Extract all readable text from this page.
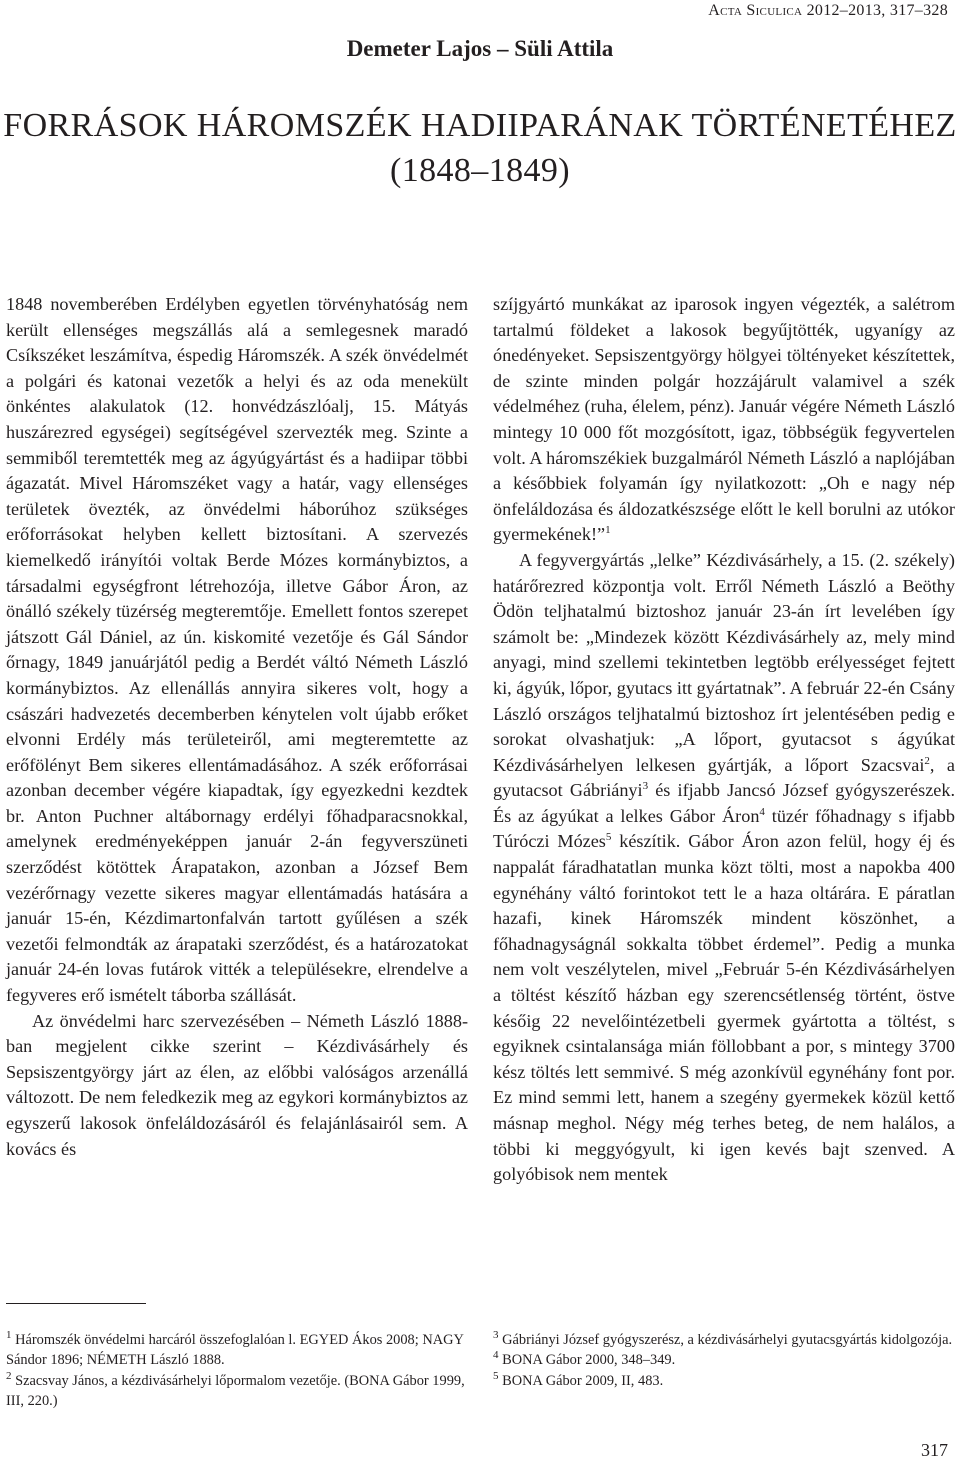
Acta Siculica 2012–2013, 317–328
Demeter Lajos – Süli Attila
FORRÁSOK HÁROMSZÉK HADIIPARÁNAK TÖRTÉNETÉHEZ
(1848–1849)

1848 novemberében Erdélyben egyetlen törvényhatóság nem került ellenséges megszállás alá a semlegesnek maradó Csíkszéket leszámítva, éspedig Háromszék. A szék önvédelmét a polgári és katonai vezetők a helyi és az oda menekült önkéntes alakulatok (12. honvédzászlóalj, 15. Mátyás huszárezred egységei) segítségével szervezték meg. Szinte a semmiből teremtették meg az ágyúgyártást és a hadiipar többi ágazatát. Mivel Háromszéket vagy a határ, vagy ellenséges területek övezték, az önvédelmi háborúhoz szükséges erőforrásokat helyben kellett biztosítani. A szervezés kiemelkedő irányítói voltak Berde Mózes kormánybiztos, a társadalmi egységfront létrehozója, illetve Gábor Áron, az önálló székely tüzérség megteremtője. Emellett fontos szerepet játszott Gál Dániel, az ún. kiskomité vezetője és Gál Sándor őrnagy, 1849 januárjától pedig a Berdét váltó Németh László kormánybiztos. Az ellenállás annyira sikeres volt, hogy a császári hadvezetés decemberben kénytelen volt újabb erőket elvonni Erdély más területeiről, ami megteremtette az erőfölényt Bem sikeres ellentámadásához. A szék erőforrásai azonban december végére kiapadtak, így egyezkedni kezdtek br. Anton Puchner altábornagy erdélyi főhadparacsnokkal, amelynek eredményeképpen január 2-án fegyverszüneti szerződést kötöttek Árapatakon, azonban a József Bem vezérőrnagy vezette sikeres magyar ellentámadás hatására a január 15-én, Kézdimartonfalván tartott gyűlésen a szék vezetői felmondták az árapataki szerződést, és a határozatokat január 24-én lovas futárok vitték a településekre, elrendelve a fegyveres erő ismételt táborba szállását.

Az önvédelmi harc szervezésében – Németh László 1888-ban megjelent cikke szerint – Kézdivásárhely és Sepsiszentgyörgy járt az élen, az előbbi valóságos arzenállá változott. De nem feledkezik meg az egykori kormánybiztos az egyszerű lakosok önfeláldozásáról és felajánlásairól sem. A kovács és

szíjgyártó munkákat az iparosok ingyen végezték, a salétrom tartalmú földeket a lakosok begyűjtötték, ugyanígy az ónedényeket. Sepsiszentgyörgy hölgyei töltényeket készítettek, de szinte minden polgár hozzájárult valamivel a szék védelméhez (ruha, élelem, pénz). Január végére Németh László mintegy 10 000 főt mozgósított, igaz, többségük fegyvertelen volt. A háromszékiek buzgalmáról Németh László a naplójában a későbbiek folyamán így nyilatkozott: „Oh e nagy nép önfeláldozása és áldozatkészsége előtt le kell borulni az utókor gyermekének!”$^1$

A fegyvergyártás „lelke” Kézdivásárhely, a 15. (2. székely) határőrezred központja volt. Erről Németh László a Beöthy Ödön teljhatalmú biztoshoz január 23-án írt levelében így számolt be: „Mindezek között Kézdivásárhely az, mely mind anyagi, mind szellemi tekintetben legtöbb erélyességet fejtett ki, ágyúk, lőpor, gyutacs itt gyártatnak”. A február 22-én Csány László országos teljhatalmú biztoshoz írt jelentésében pedig e sorokat olvashatjuk: „A lőport, gyutacsot s ágyúkat Kézdivásárhelyen lelkesen gyártják, a lőport Szacsvai$^2$, a gyutacsot Gábriányi$^3$ és ifjabb Jancsó József gyógyszerészek. És az ágyúkat a lelkes Gábor Áron$^4$ tüzér főhadnagy s ifjabb Túróczi Mózes$^5$ készítik. Gábor Áron azon felül, hogy éj és nappalát fáradhatatlan munka közt tölti, most a napokba 400 egynéhány váltó forintokot tett le a haza oltárára. E páratlan hazafi, kinek Háromszék mindent köszönhet, a főhadnagyságnál sokkalta többet érdemel”. Pedig a munka nem volt veszélytelen, mivel „Február 5-én Kézdivásárhelyen a töltést készítő házban egy szerencsétlenség történt, östve későig 22 nevelőintézetbeli gyermek gyártotta a töltést, s egyiknek csintalansága mián föllobbant a por, s mintegy 3700 kész töltés lett semmivé. S még azonkívül egynéhány font por. Ez mind semmi lett, hanem a szegény gyermekek közül kettő másnap meghol. Négy még terhes beteg, de nem halálos, a többi ki meggyógyult, ki igen kevés bajt szenved. A golyóbisok nem mentek

$^1$ Háromszék önvédelmi harcáról összefoglalóan l. EGYED Ákos 2008; NAGY Sándor 1896; NÉMETH László 1888.
$^2$ Szacsvay János, a kézdivásárhelyi lőpormalom vezetője. (BONA Gábor 1999, III, 220.)
$^3$ Gábriányi József gyógyszerész, a kézdivásárhelyi gyutacsgyártás kidolgozója.
$^4$ BONA Gábor 2000, 348–349.
$^5$ BONA Gábor 2009, II, 483.
317
